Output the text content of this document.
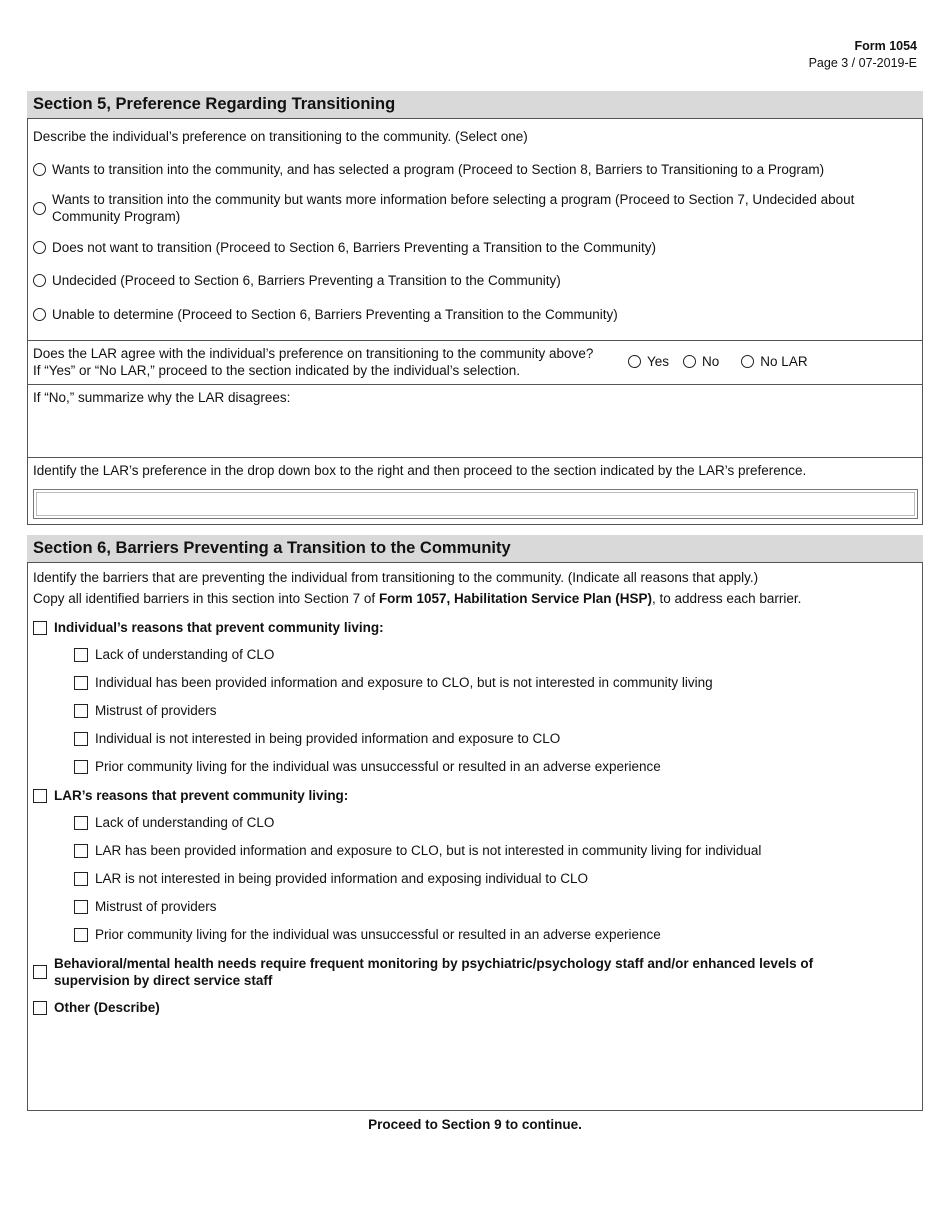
Form 1054
Page 3 / 07-2019-E
Section 5, Preference Regarding Transitioning
Describe the individual’s preference on transitioning to the community. (Select one)
Wants to transition into the community, and has selected a program (Proceed to Section 8, Barriers to Transitioning to a Program)
Wants to transition into the community but wants more information before selecting a program (Proceed to Section 7, Undecided about Community Program)
Does not want to transition (Proceed to Section 6, Barriers Preventing a Transition to the Community)
Undecided (Proceed to Section 6, Barriers Preventing a Transition to the Community)
Unable to determine (Proceed to Section 6, Barriers Preventing a Transition to the Community)
Does the LAR agree with the individual’s preference on transitioning to the community above?
If “Yes” or “No LAR,” proceed to the section indicated by the individual’s selection.
Yes No	No LAR
If “No,” summarize why the LAR disagrees:
Identify the LAR’s preference in the drop down box to the right and then proceed to the section indicated by the LAR’s preference.
Section 6, Barriers Preventing a Transition to the Community
Identify the barriers that are preventing the individual from transitioning to the community. (Indicate all reasons that apply.)
Copy all identified barriers in this section into Section 7 of Form 1057, Habilitation Service Plan (HSP), to address each barrier.
Individual’s reasons that prevent community living:
Lack of understanding of CLO
Individual has been provided information and exposure to CLO, but is not interested in community living
Mistrust of providers
Individual is not interested in being provided information and exposure to CLO
Prior community living for the individual was unsuccessful or resulted in an adverse experience
LAR’s reasons that prevent community living:
Lack of understanding of CLO
LAR has been provided information and exposure to CLO, but is not interested in community living for individual
LAR is not interested in being provided information and exposing individual to CLO
Mistrust of providers
Prior community living for the individual was unsuccessful or resulted in an adverse experience
Behavioral/mental health needs require frequent monitoring by psychiatric/psychology staff and/or enhanced levels of
supervision by direct service staff
Other (Describe)
Proceed to Section 9 to continue.
